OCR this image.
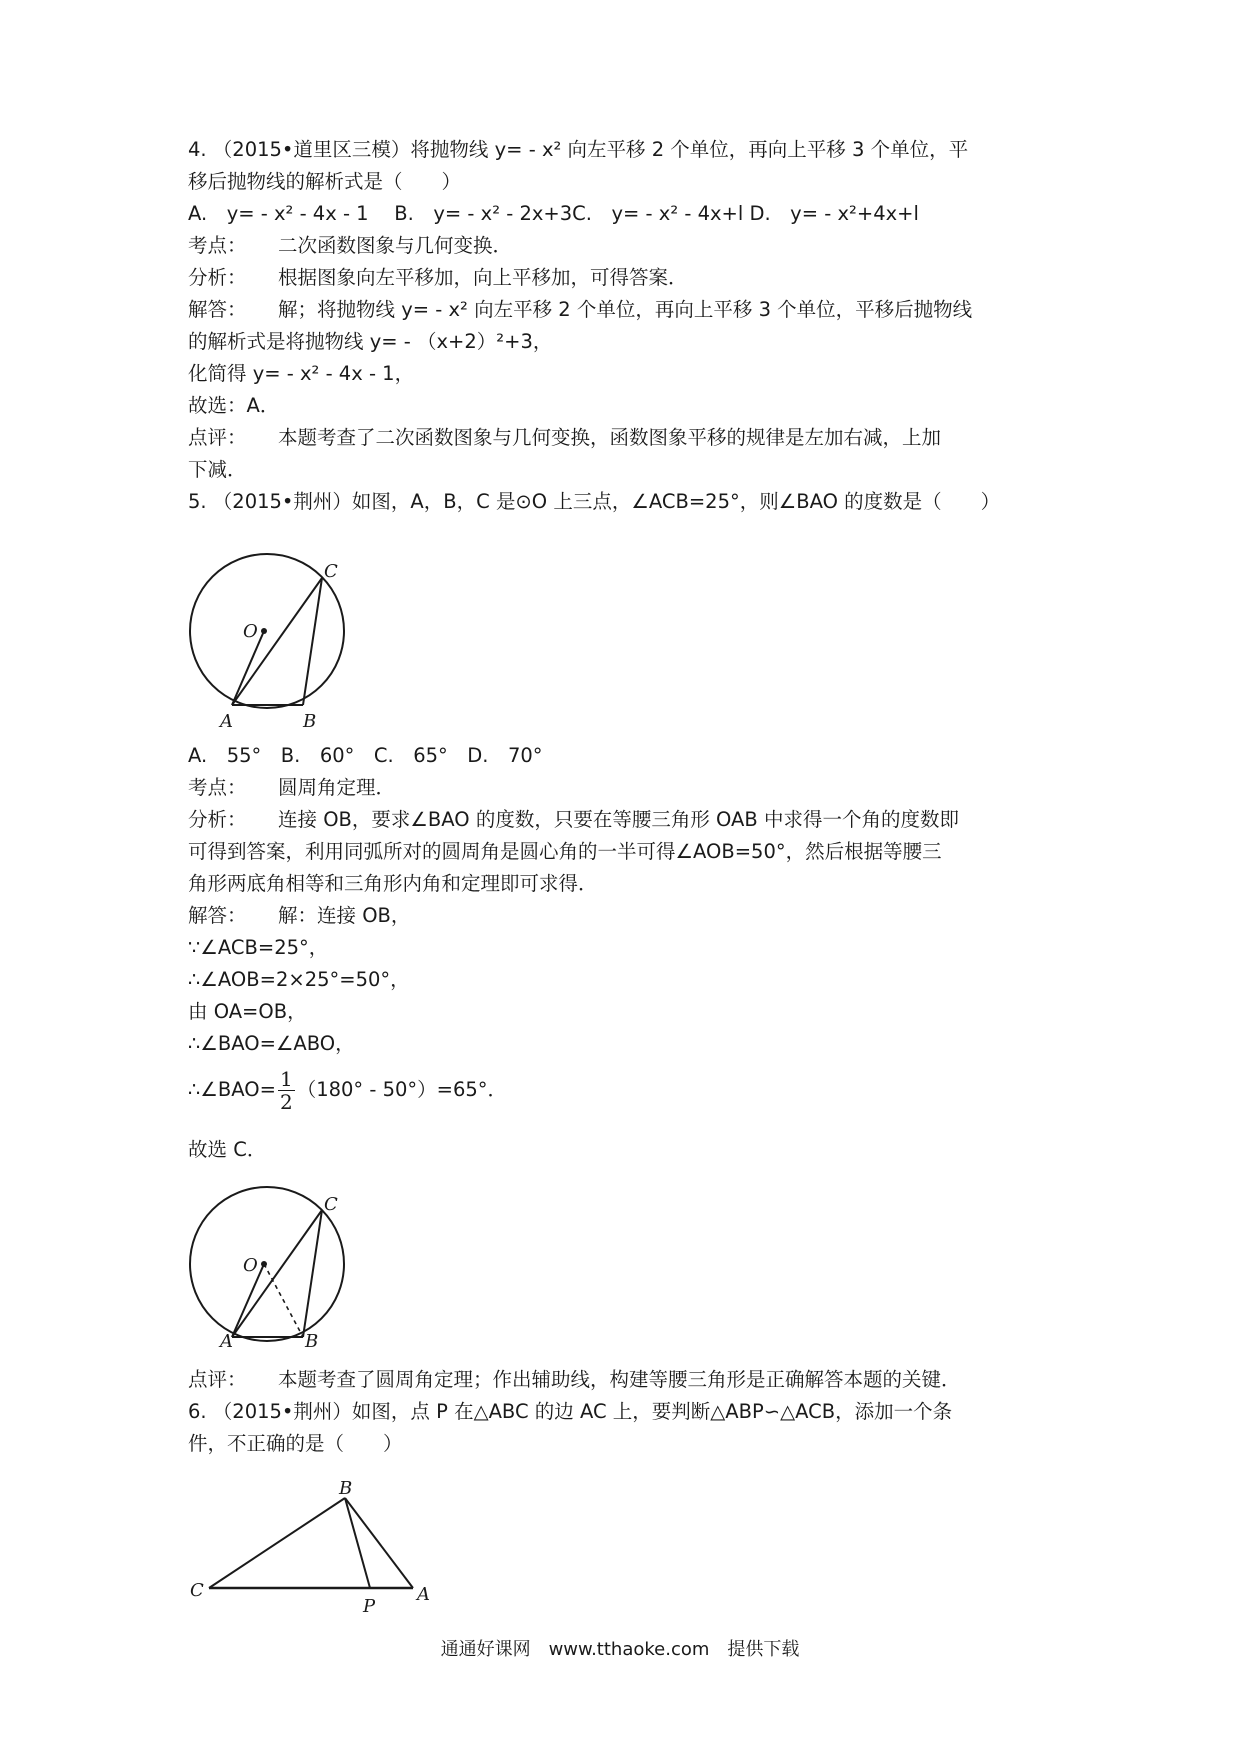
4. （2015•道里区三模）将抛物线 y= - x² 向左平移 2 个单位，再向上平移 3 个单位，平
移后抛物线的解析式是（　　）
A.　y= - x² - 4x - 1　 B.　y= - x² - 2x+3C.　y= - x² - 4x+l D.　y= - x²+4x+l
考点： 二次函数图象与几何变换．
分析： 根据图象向左平移加，向上平移加，可得答案．
解答： 解；将抛物线 y= - x² 向左平移 2 个单位，再向上平移 3 个单位，平移后抛物线
的解析式是将抛物线 y= - （x+2）²+3，
化简得 y= - x² - 4x - 1，
故选：A．
点评： 本题考查了二次函数图象与几何变换，函数图象平移的规律是左加右减，上加
下减．
5. （2015•荆州）如图，A，B，C 是⊙O 上三点，∠ACB=25°，则∠BAO 的度数是（　　）
O
A	B
C
A.　55°　B.　60°　C.　65°　D.　70°
考点： 圆周角定理．
分析： 连接 OB，要求∠BAO 的度数，只要在等腰三角形 OAB 中求得一个角的度数即
可得到答案，利用同弧所对的圆周角是圆心角的一半可得∠AOB=50°，然后根据等腰三
角形两底角相等和三角形内角和定理即可求得．
解答： 解：连接 OB，
∵∠ACB=25°，
∴∠AOB=2×25°=50°，
由 OA=OB，
∴∠BAO=∠ABO，
∴∠BAO= $\frac{1}{2} (180^\circ - 50^\circ)=65^\circ$．
故选 C．
O
A	B
C
点评： 本题考查了圆周角定理；作出辅助线，构建等腰三角形是正确解答本题的关键．
6. （2015•荆州）如图，点 P 在△ABC 的边 AC 上，要判断△ABP∽△ACB，添加一个条
件，不正确的是（　　）
C
B
P
A
通通好课网　www.tthaoke.com　提供下载
